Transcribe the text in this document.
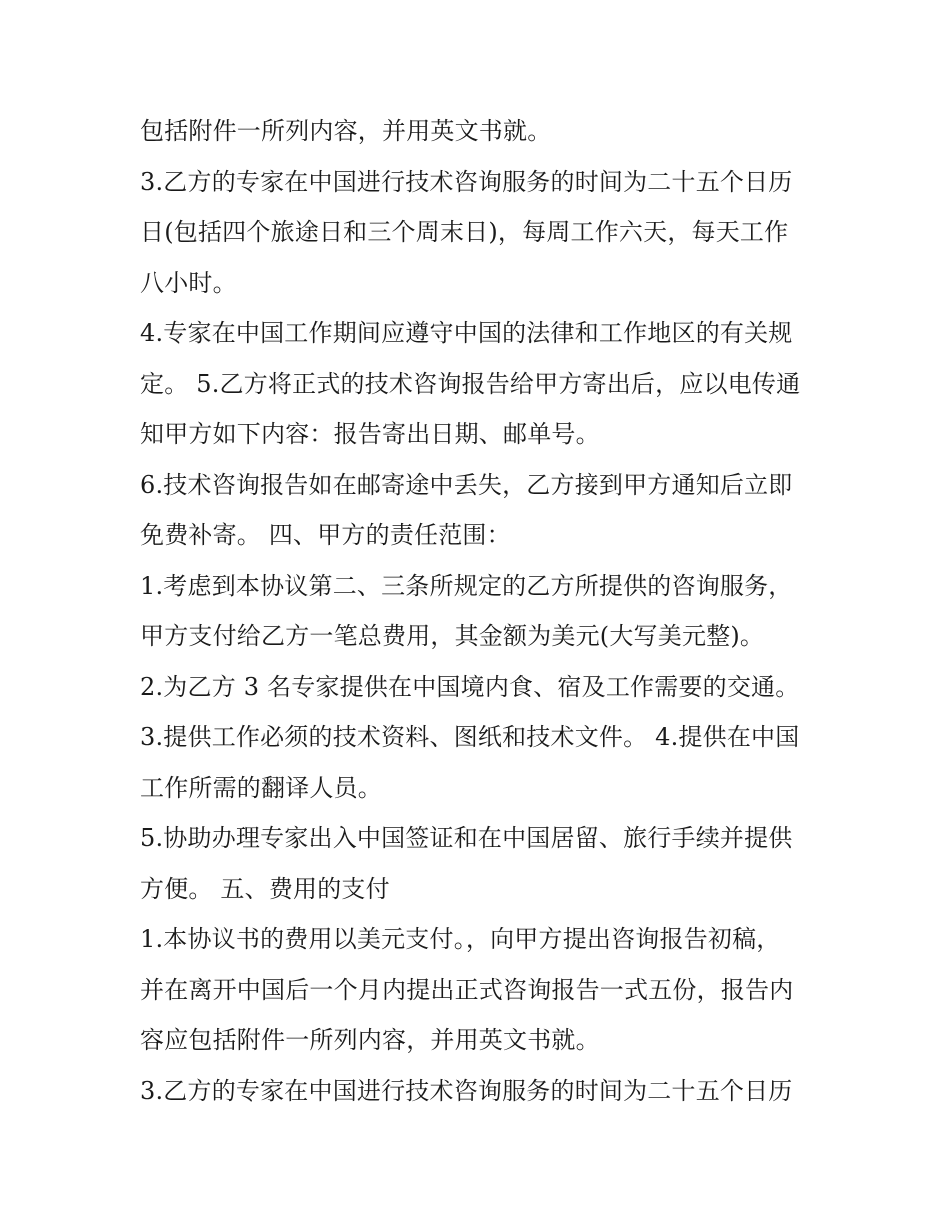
包括附件一所列内容，并用英文书就。
3.乙方的专家在中国进行技术咨询服务的时间为二十五个日历
日(包括四个旅途日和三个周末日)，每周工作六天，每天工作
八小时。
4.专家在中国工作期间应遵守中国的法律和工作地区的有关规
定。 5.乙方将正式的技术咨询报告给甲方寄出后，应以电传通
知甲方如下内容：报告寄出日期、邮单号。
6.技术咨询报告如在邮寄途中丢失，乙方接到甲方通知后立即
免费补寄。 四、甲方的责任范围：
1.考虑到本协议第二、三条所规定的乙方所提供的咨询服务，
甲方支付给乙方一笔总费用，其金额为美元(大写美元整)。
2.为乙方 3 名专家提供在中国境内食、宿及工作需要的交通。
3.提供工作必须的技术资料、图纸和技术文件。 4.提供在中国
工作所需的翻译人员。
5.协助办理专家出入中国签证和在中国居留、旅行手续并提供
方便。 五、费用的支付
1.本协议书的费用以美元支付。，向甲方提出咨询报告初稿，
并在离开中国后一个月内提出正式咨询报告一式五份，报告内
容应包括附件一所列内容，并用英文书就。
3.乙方的专家在中国进行技术咨询服务的时间为二十五个日历
